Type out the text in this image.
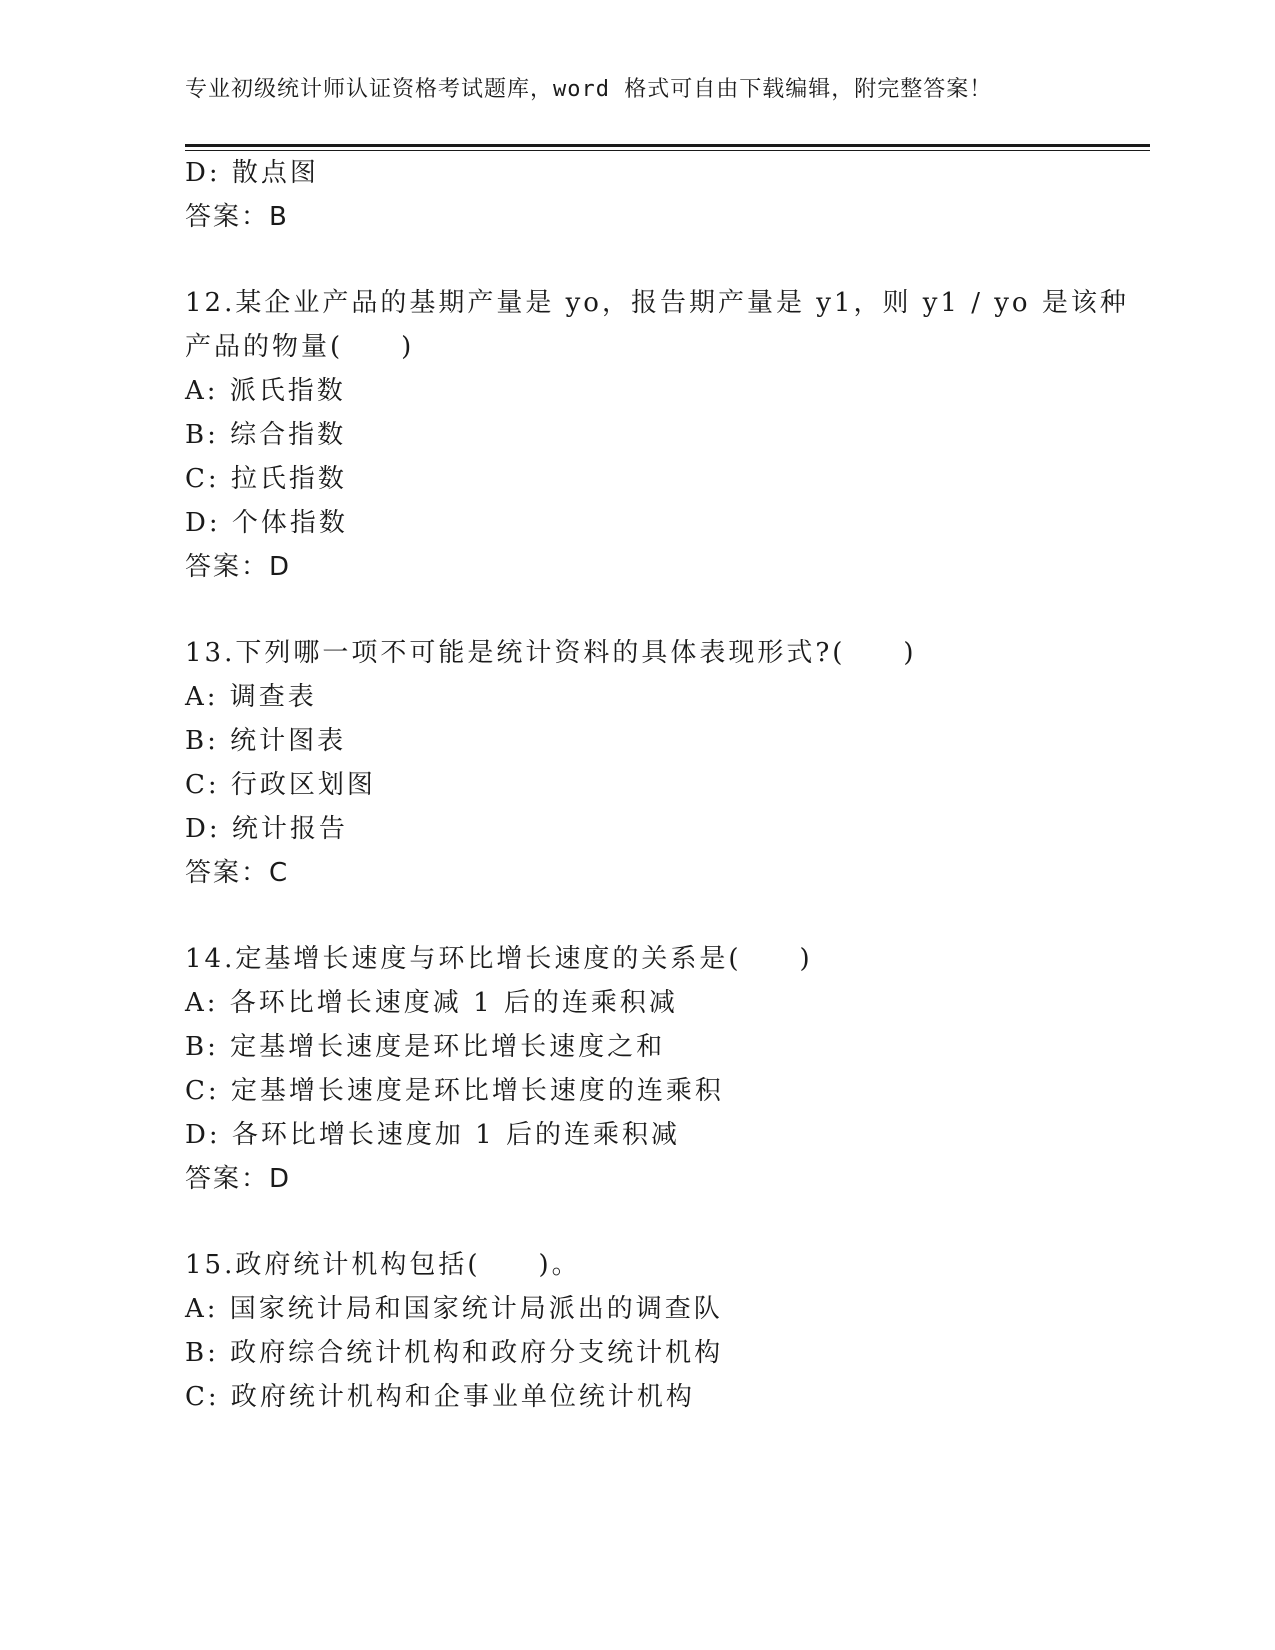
专业初级统计师认证资格考试题库，word 格式可自由下载编辑，附完整答案！
D: 散点图
答案：B
12.某企业产品的基期产量是 yo，报告期产量是 y1，则 y1 / yo 是该种
产品的物量(　　)
A: 派氏指数
B: 综合指数
C: 拉氏指数
D: 个体指数
答案：D
13.下列哪一项不可能是统计资料的具体表现形式?(　　)
A: 调查表
B: 统计图表
C: 行政区划图
D: 统计报告
答案：C
14.定基增长速度与环比增长速度的关系是(　　)
A: 各环比增长速度减 1 后的连乘积减
B: 定基增长速度是环比增长速度之和
C: 定基增长速度是环比增长速度的连乘积
D: 各环比增长速度加 1 后的连乘积减
答案：D
15.政府统计机构包括(　　)。
A: 国家统计局和国家统计局派出的调查队
B: 政府综合统计机构和政府分支统计机构
C: 政府统计机构和企事业单位统计机构
